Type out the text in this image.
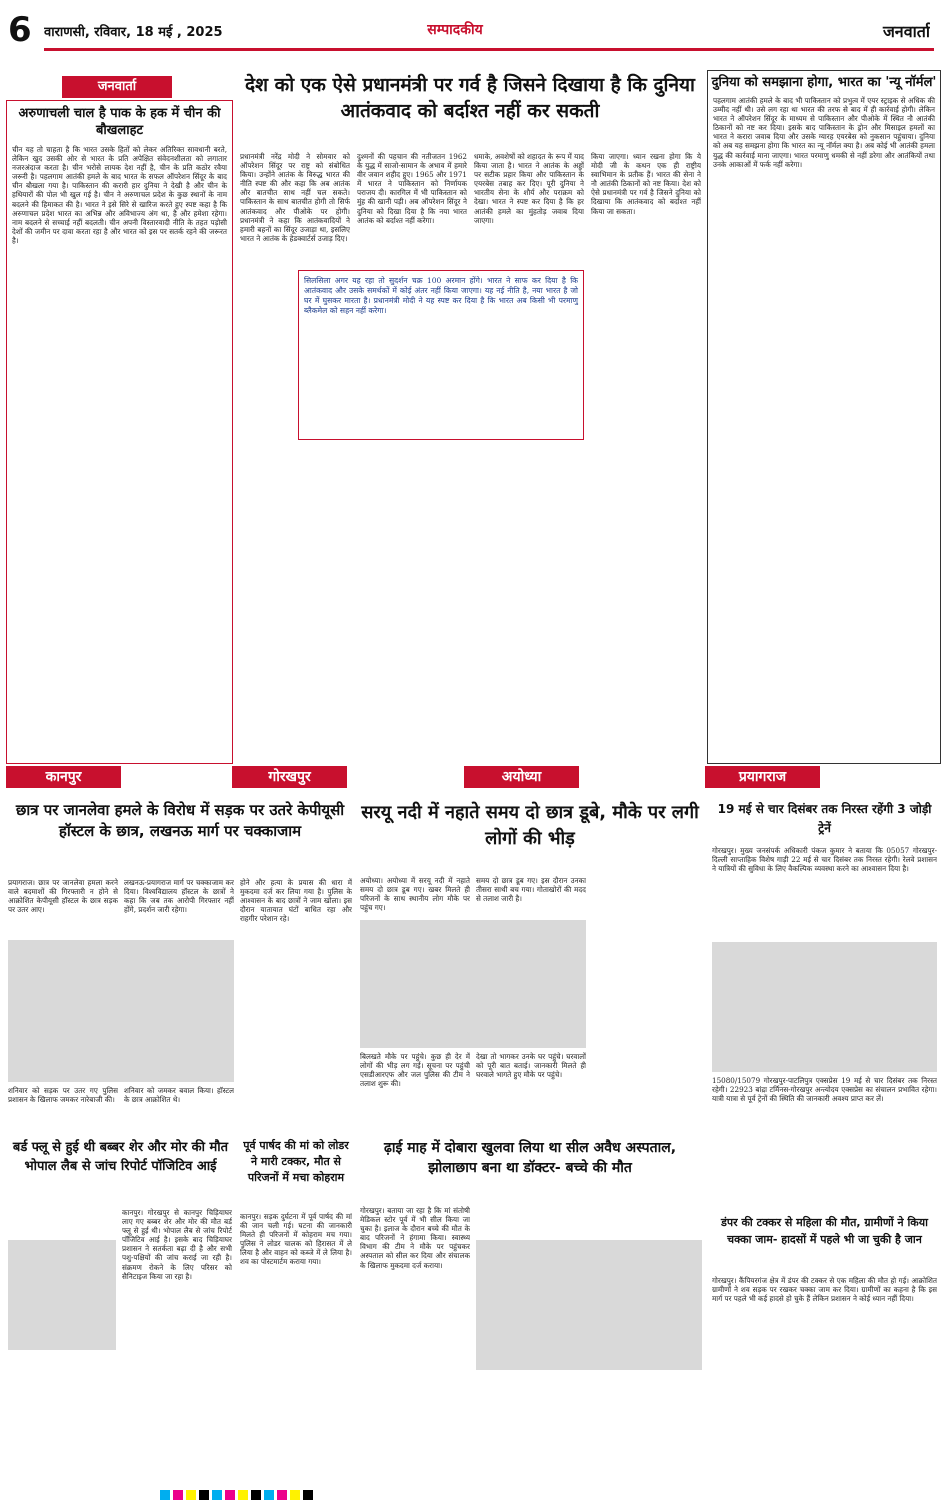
6 वाराणसी, रविवार, 18 मई , 2025	सम्पादकीय	जनवार्ता
जनवार्ता
अरुणाचली चाल है पाक के हक में चीन की बौखलाहट
चीन यह तो चाहता है कि भारत उसके हितों को लेकर अतिरिक्त सावधानी बरते, लेकिन खुद उसकी ओर से भारत के प्रति अपेक्षित संवेदनशीलता को लगातार नजरअंदाज करता है। चीन भरोसे लायक देश नहीं है, चीन के प्रति कठोर रवैया जरूरी है। पहलगाम आतंकी हमले के बाद भारत के सफल ऑपरेशन सिंदूर के बाद चीन बौखला गया है। पाकिस्तान की करारी हार दुनिया ने देखी है और चीन के हथियारों की पोल भी खुल गई है। चीन ने अरुणाचल प्रदेश के कुछ स्थानों के नाम बदलने की हिमाकत की है। भारत ने इसे सिरे से खारिज करते हुए स्पष्ट कहा है कि अरुणाचल प्रदेश भारत का अभिन्न और अविभाज्य अंग था, है और हमेशा रहेगा। नाम बदलने से सच्चाई नहीं बदलती। चीन अपनी विस्तारवादी नीति के तहत पड़ोसी देशों की जमीन पर दावा करता रहा है और भारत को इस पर सतर्क रहने की जरूरत है।
देश को एक ऐसे प्रधानमंत्री पर गर्व है जिसने दिखाया है कि दुनिया आतंकवाद को बर्दाश्त नहीं कर सकती
प्रधानमंत्री नरेंद्र मोदी ने सोमवार को ऑपरेशन सिंदूर पर राष्ट्र को संबोधित किया। उन्होंने आतंक के विरुद्ध भारत की नीति स्पष्ट की और कहा कि अब आतंक और बातचीत साथ नहीं चल सकते। पाकिस्तान के साथ बातचीत होगी तो सिर्फ आतंकवाद और पीओके पर होगी। प्रधानमंत्री ने कहा कि आतंकवादियों ने हमारी बहनों का सिंदूर उजाड़ा था, इसलिए भारत ने आतंक के हेडक्वार्टर्स उजाड़ दिए।
दुश्मनों की पहचान की नतीजतन 1962 के युद्ध में साजो-सामान के अभाव में हमारे वीर जवान शहीद हुए। 1965 और 1971 में भारत ने पाकिस्तान को निर्णायक पराजय दी। कारगिल में भी पाकिस्तान को मुंह की खानी पड़ी। अब ऑपरेशन सिंदूर ने दुनिया को दिखा दिया है कि नया भारत आतंक को बर्दाश्त नहीं करेगा।
धमाके, अवशेषों को शहादत के रूप में याद किया जाता है। भारत ने आतंक के अड्डों पर सटीक प्रहार किया और पाकिस्तान के एयरबेस तबाह कर दिए। पूरी दुनिया ने भारतीय सेना के शौर्य और पराक्रम को देखा। भारत ने स्पष्ट कर दिया है कि हर आतंकी हमले का मुंहतोड़ जवाब दिया जाएगा।
किया जाएगा। ध्यान रखना होगा कि ये मोदी जी के कथन एक ही राष्ट्रीय स्वाभिमान के प्रतीक हैं। भारत की सेना ने नौ आतंकी ठिकानों को नष्ट किया। देश को ऐसे प्रधानमंत्री पर गर्व है जिसने दुनिया को दिखाया कि आतंकवाद को बर्दाश्त नहीं किया जा सकता।
सिलसिला अगर यह रहा तो सुदर्शन चक्र 100 अरमान होंगे। भारत ने साफ कर दिया है कि आतंकवाद और उसके समर्थकों में कोई अंतर नहीं किया जाएगा। यह नई नीति है, नया भारत है जो घर में घुसकर मारता है। प्रधानमंत्री मोदी ने यह स्पष्ट कर दिया है कि भारत अब किसी भी परमाणु ब्लैकमेल को सहन नहीं करेगा।
दुनिया को समझाना होगा, भारत का 'न्यू नॉर्मल'
पहलगाम आतंकी हमले के बाद भी पाकिस्तान को प्रभुत्व में एयर स्ट्राइक से अधिक की उम्मीद नहीं थी। उसे लग रहा था भारत की तरफ से बाद में ही कार्रवाई होगी। लेकिन भारत ने ऑपरेशन सिंदूर के माध्यम से पाकिस्तान और पीओके में स्थित नौ आतंकी ठिकानों को नष्ट कर दिया। इसके बाद पाकिस्तान के ड्रोन और मिसाइल हमलों का भारत ने करारा जवाब दिया और उसके ग्यारह एयरबेस को नुकसान पहुंचाया। दुनिया को अब यह समझना होगा कि भारत का न्यू नॉर्मल क्या है। अब कोई भी आतंकी हमला युद्ध की कार्रवाई माना जाएगा। भारत परमाणु धमकी से नहीं डरेगा और आतंकियों तथा उनके आकाओं में फर्क नहीं करेगा।
कानपुर	गोरखपुर	अयोध्या	प्रयागराज
छात्र पर जानलेवा हमले के विरोध में सड़क पर उतरे केपीयूसी हॉस्टल के छात्र, लखनऊ मार्ग पर चक्काजाम
प्रयागराज। छात्र पर जानलेवा हमला करने वाले बदमाशों की गिरफ्तारी न होने से आक्रोशित केपीयूसी हॉस्टल के छात्र सड़क पर उतर आए।
लखनऊ-प्रयागराज मार्ग पर चक्काजाम कर दिया। विश्वविद्यालय हॉस्टल के छात्रों ने कहा कि जब तक आरोपी गिरफ्तार नहीं होंगे, प्रदर्शन जारी रहेगा।
होने और हत्या के प्रयास की धारा में मुकदमा दर्ज कर लिया गया है। पुलिस के आश्वासन के बाद छात्रों ने जाम खोला। इस दौरान यातायात घंटों बाधित रहा और राहगीर परेशान रहे।
शनिवार को सड़क पर उतर गए पुलिस प्रशासन के खिलाफ जमकर नारेबाजी की।
शनिवार को जमकर बवाल किया। हॉस्टल के छात्र आक्रोशित थे।
बर्ड फ्लू से हुई थी बब्बर शेर और मोर की मौत भोपाल लैब से जांच रिपोर्ट पॉजिटिव आई
कानपुर। गोरखपुर से कानपुर चिड़ियाघर लाए गए बब्बर शेर और मोर की मौत बर्ड फ्लू से हुई थी। भोपाल लैब से जांच रिपोर्ट पॉजिटिव आई है। इसके बाद चिड़ियाघर प्रशासन ने सतर्कता बढ़ा दी है और सभी पशु-पक्षियों की जांच कराई जा रही है। संक्रमण रोकने के लिए परिसर को सैनिटाइज किया जा रहा है।
पूर्व पार्षद की मां को लोडर ने मारी टक्कर, मौत से परिजनों में मचा कोहराम
कानपुर। सड़क दुर्घटना में पूर्व पार्षद की मां की जान चली गई। घटना की जानकारी मिलते ही परिजनों में कोहराम मच गया। पुलिस ने लोडर चालक को हिरासत में ले लिया है और वाहन को कब्जे में ले लिया है। शव का पोस्टमार्टम कराया गया।
सरयू नदी में नहाते समय दो छात्र डूबे, मौके पर लगी लोगों की भीड़
अयोध्या। अयोध्या में सरयू नदी में नहाते समय दो छात्र डूब गए। खबर मिलते ही परिजनों के साथ स्थानीय लोग मौके पर पहुंच गए।
समय दो छात्र डूब गए। इस दौरान उनका तीसरा साथी बच गया। गोताखोरों की मदद से तलाश जारी है।
बिलखते मौके पर पहुंचे। कुछ ही देर में लोगों की भीड़ लग गई। सूचना पर पहुंची एसडीआरएफ और जल पुलिस की टीम ने तलाश शुरू की।
देखा तो भागकर उनके घर पहुंचे। घरवालों को पूरी बात बताई। जानकारी मिलते ही घरवाले भागते हुए मौके पर पहुंचे।
ढ़ाई माह में दोबारा खुलवा लिया था सील अवैध अस्पताल, झोलाछाप बना था डॉक्टर- बच्चे की मौत
गोरखपुर। बताया जा रहा है कि मां संतोषी मेडिकल स्टोर पूर्व में भी सील किया जा चुका है। इलाज के दौरान बच्चे की मौत के बाद परिजनों ने हंगामा किया। स्वास्थ्य विभाग की टीम ने मौके पर पहुंचकर अस्पताल को सील कर दिया और संचालक के खिलाफ मुकदमा दर्ज कराया।
19 मई से चार दिसंबर तक निरस्त रहेंगी 3 जोड़ी ट्रेनें
गोरखपुर। मुख्य जनसंपर्क अधिकारी पंकज कुमार ने बताया कि 05057 गोरखपुर-दिल्ली साप्ताहिक विशेष गाड़ी 22 मई से चार दिसंबर तक निरस्त रहेगी। रेलवे प्रशासन ने यात्रियों की सुविधा के लिए वैकल्पिक व्यवस्था करने का आश्वासन दिया है।
15080/15079 गोरखपुर-पाटलिपुत्र एक्सप्रेस 19 मई से चार दिसंबर तक निरस्त रहेगी। 22923 बांद्रा टर्मिनस-गोरखपुर अन्त्योदय एक्सप्रेस का संचालन प्रभावित रहेगा। यात्री यात्रा से पूर्व ट्रेनों की स्थिति की जानकारी अवश्य प्राप्त कर लें।
डंपर की टक्कर से महिला की मौत, ग्रामीणों ने किया चक्का जाम- हादसों में पहले भी जा चुकी है जान
गोरखपुर। कैंपियरगंज क्षेत्र में डंपर की टक्कर से एक महिला की मौत हो गई। आक्रोशित ग्रामीणों ने शव सड़क पर रखकर चक्का जाम कर दिया। ग्रामीणों का कहना है कि इस मार्ग पर पहले भी कई हादसे हो चुके हैं लेकिन प्रशासन ने कोई ध्यान नहीं दिया।
